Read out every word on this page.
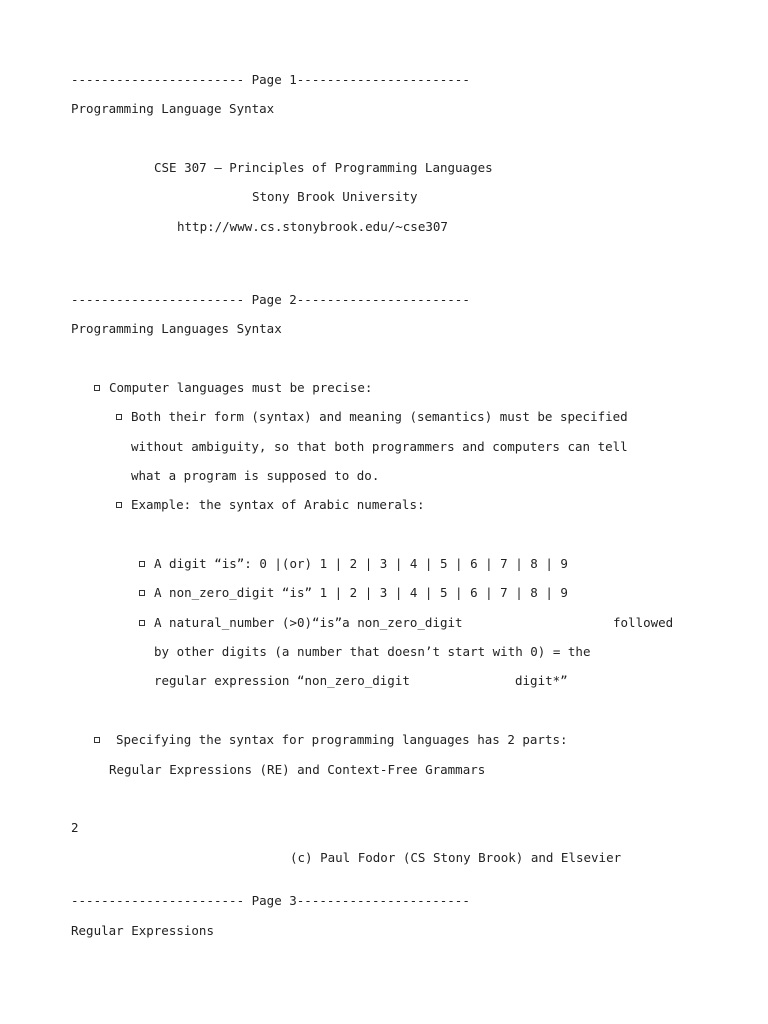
----------------------- Page 1-----------------------
Programming Language Syntax
CSE 307 – Principles of Programming Languages
Stony Brook University
http://www.cs.stonybrook.edu/~cse307
----------------------- Page 2-----------------------
Programming Languages Syntax
Computer languages must be precise:
Both their form (syntax) and meaning (semantics) must be specified
without ambiguity, so that both programmers and computers can tell
what a program is supposed to do.
Example: the syntax of Arabic numerals:
A digit “is”: 0 |(or) 1 | 2 | 3 | 4 | 5 | 6 | 7 | 8 | 9
A non_zero_digit “is” 1 | 2 | 3 | 4 | 5 | 6 | 7 | 8 | 9
A natural_number (>0)“is”a non_zero_digit	followed
by other digits (a number that doesn’t start with 0) = the
regular expression “non_zero_digit	digit*”
Specifying the syntax for programming languages has 2 parts:
Regular Expressions (RE) and Context-Free Grammars
2
(c) Paul Fodor (CS Stony Brook) and Elsevier
----------------------- Page 3-----------------------
Regular Expressions
